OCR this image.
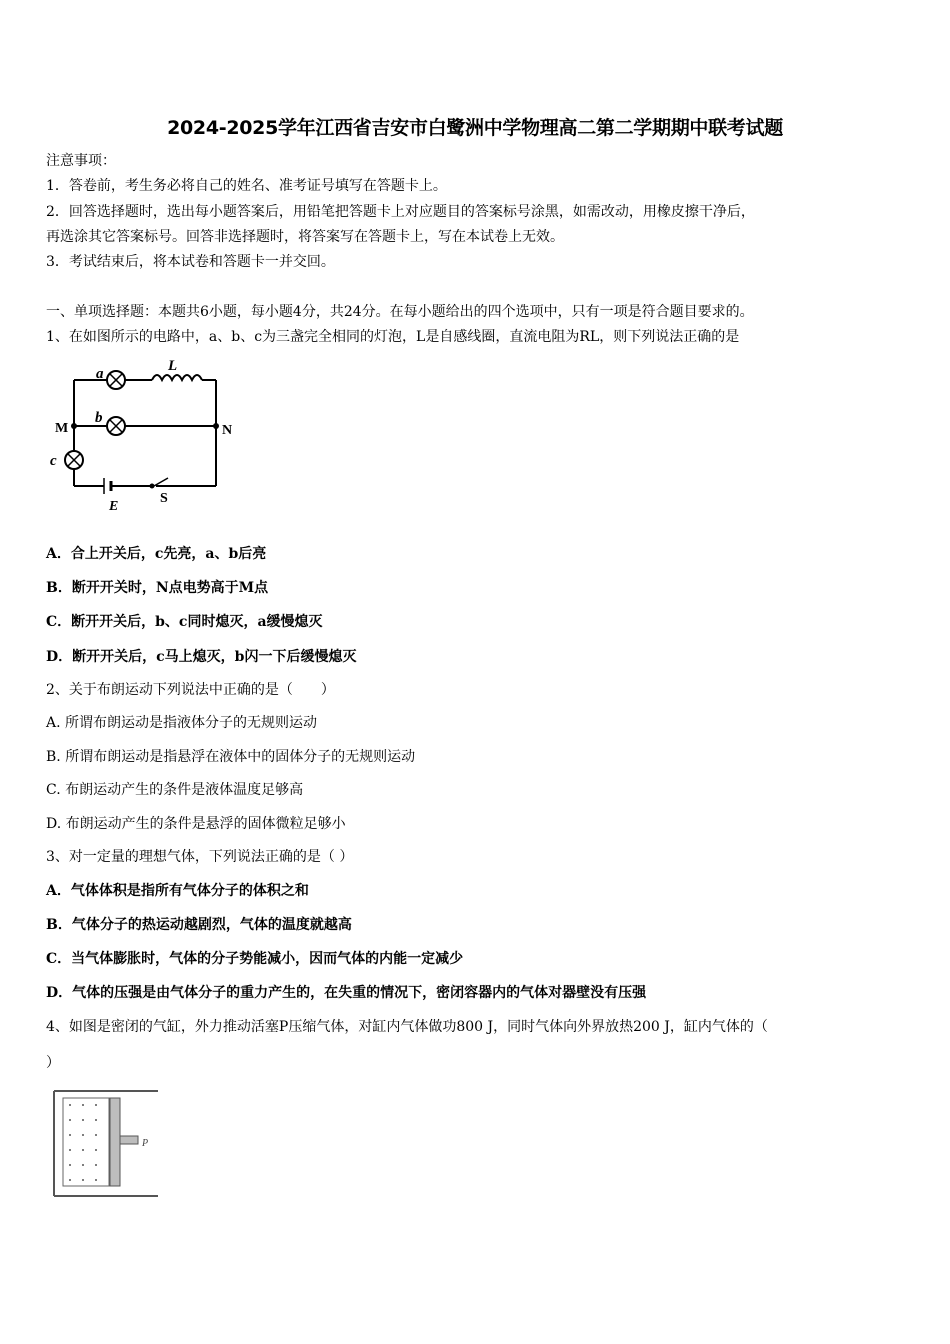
2024-2025学年江西省吉安市白鹭洲中学物理高二第二学期期中联考试题
注意事项：
1．答卷前，考生务必将自己的姓名、准考证号填写在答题卡上。
2．回答选择题时，选出每小题答案后，用铅笔把答题卡上对应题目的答案标号涂黑，如需改动，用橡皮擦干净后，
再选涂其它答案标号。回答非选择题时，将答案写在答题卡上，写在本试卷上无效。
3．考试结束后，将本试卷和答题卡一并交回。
一、单项选择题：本题共6小题，每小题4分，共24分。在每小题给出的四个选项中，只有一项是符合题目要求的。
1、在如图所示的电路中，a、b、c为三盏完全相同的灯泡，L是自感线圈，直流电阻为RL，则下列说法正确的是
a	L
b
M	N
c
E
S
A．合上开关后，c先亮，a、b后亮
B．断开开关时，N点电势高于M点
C．断开开关后，b、c同时熄灭，a缓慢熄灭
D．断开开关后，c马上熄灭，b闪一下后缓慢熄灭
2、关于布朗运动下列说法中正确的是（　　）
A. 所谓布朗运动是指液体分子的无规则运动
B. 所谓布朗运动是指悬浮在液体中的固体分子的无规则运动
C. 布朗运动产生的条件是液体温度足够高
D. 布朗运动产生的条件是悬浮的固体微粒足够小
3、对一定量的理想气体，下列说法正确的是（ ）
A．气体体积是指所有气体分子的体积之和
B．气体分子的热运动越剧烈，气体的温度就越高
C．当气体膨胀时，气体的分子势能减小，因而气体的内能一定减少
D．气体的压强是由气体分子的重力产生的，在失重的情况下，密闭容器内的气体对器壁没有压强
4、如图是密闭的气缸，外力推动活塞P压缩气体，对缸内气体做功800 J，同时气体向外界放热200 J，缸内气体的（
）
P
